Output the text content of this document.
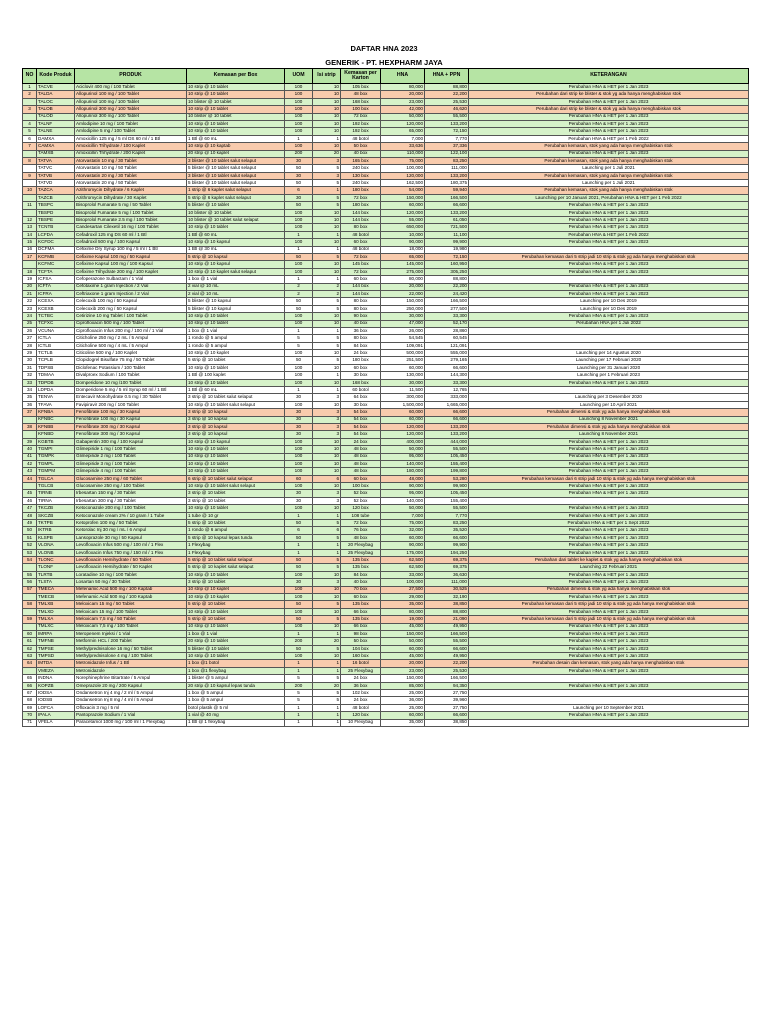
DAFTAR HNA 2023
GENERIK - PT. HEXPHARM JAYA
NO	Kode Produk	PRODUK	Kemasan per Box	UOM	Isi strip	Kemasan per Karton	HNA	HNA + PPN	KETERANGAN
1	TACVE	Aciclovir 400 mg / 100 Tablet	10 strip @ 10 tablet	100	10	105 box	80,000	88,800	Perubahan HNA & HET per 1 Jan 2023
2	TALDA	Allopurinol 100 mg / 100 Tablet	10 strip @ 10 tablet	100	10	48 box	20,000	22,200	Perubahan dari strip ke blister & stok yg ada hanya menghabiskan stok
	TALOC	Allopurinol 100 mg / 100 Tablet	10 blister @ 10 tablet	100	10	168 box	23,000	25,530	Perubahan HNA & HET per 1 Jan 2023
3	TALOB	Allopurinol 300 mg / 100 Tablet	10 strip @ 10 tablet	100	10	100 box	42,000	46,620	Perubahan dari strip ke blister & stok yg ada hanya menghabiskan stok
	TALOD	Allopurinol 300 mg / 100 Tablet	10 blister @ 10 tablet	100	10	72 box	50,000	55,500	Perubahan HNA & HET per 1 Jan 2023
4	TALNF	Amlodipine 10 mg / 100 Tablet	10 strip @ 10 tablet	100	10	192 box	120,000	133,200	Perubahan HNA & HET per 1 Jan 2023
5	TALNE	Amlodipine 5 mg / 100 Tablet	10 strip @ 10 tablet	100	10	192 box	65,000	72,150	Perubahan HNA & HET per 1 Jan 2023
6	DAMXA	Amoxicillin 125 mg / 5 ml DS 60 ml / 1 Btl	1 Btl @ 60 mL	1	1	48 botol	7,000	7,770	Perubahan HNA & HET per 1 Feb 2022
7	CAMXA	Amoxicillin Trihydrate / 100 Kaplet	10 strip @ 10 kaptab	100	10	50 box	33,636	37,336	Perubahan kemasan, stok yang ada hanya menghabiskan stok
	TAMXB	Amoxicillin Trihydrate / 200 Kaplet	20 strip @ 10 kaplet	200	20	40 box	110,000	122,100	Perubahan HNA & HET per 1 Jan 2023
8	TATVA	Atorvastatin 10 mg / 30 Tablet	3 blister @ 10 tablet salut selaput	30	3	165 box	75,000	83,250	Perubahan kemasan, stok yang ada hanya menghabiskan stok
	TATVC	Atorvastatin 10 mg / 50 Tablet	5 blister @ 10 tablet salut selaput	50	5	240 box	100,000	111,000	Launching per 1 Juli 2021
9	TATVB	Atorvastatin 20 mg / 30 Tablet	3 blister @ 10 tablet salut selaput	30	3	130 box	120,000	133,200	Perubahan kemasan, stok yang ada hanya menghabiskan stok
	TATVD	Atorvastatin 20 mg / 50 Tablet	5 blister @ 10 tablet salut selaput	50	5	240 box	162,500	180,375	Launching per 1 Juli 2021
10	TAZCA	Azithromycin Dihydrate / 6 Kaplet	1 strip @ 6 kaplet salut selaput	6	1	180 box	54,000	59,940	Perubahan kemasan, stok yang ada hanya menghabiskan stok
	TAZCB	Azithromycin Dihydrate / 30 Kaplet	5 strip @ 6 kaplet salut selaput	30	5	72 box	150,000	166,500	Launching per 10 Januari 2021, Perubahan HNA & HET per 1 Feb 2022
11	TBSPC	Bisoprolol Fumarate 5 mg / 50 Tablet	5 blister @ 10 tablet	50	5	180 box	60,000	66,600	Perubahan HNA & HET per 1 Jan 2023
	TBSPD	Bisoprolol Fumarate 5 mg / 100 Tablet	10 blister @ 10 tablet	100	10	144 box	120,000	133,200	Perubahan HNA & HET per 1 Jan 2023
12	TBSPE	Bisoprolol Fumarate 2.5 mg / 100 Tablet	10 blister @ 10 tablet salut selaput	100	10	144 box	55,000	61,050	Perubahan HNA & HET per 1 Jan 2023
13	TCNTB	Candesartan Cilexetil 16 mg / 100 Tablet	10 strip @ 10 tablet	100	10	80 box	650,000	721,500	Perubahan HNA & HET per 1 Jan 2023
14	LCFDA	Cefadroxil 125 mg DS 60 ml / 1 Btl	1 Btl @ 60 mL	1	1	48 botol	10,000	11,100	Perubahan HNA & HET per 1 Feb 2022
15	KCFDC	Cefadroxil 500 mg / 100 Kapsul	10 strip @ 10 kapsul	100	10	60 box	90,000	99,900	Perubahan HNA & HET per 1 Jan 2023
16	DCFMA	Cefixime Dry Syrup 100 mg / 5 ml / 1 Btl	1 Btl @ 30 mL	1	1	48 botol	18,000	19,980	
17	KCFMB	Cefixime Kapsul 100 mg / 50 Kapsul	5 strip @ 10 kapsul	50	5	72 box	65,000	72,150	Perubahan kemasan dari 5 strip jadi 10 strip & stok yg ada hanya menghabiskan stok
	KCFMC	Cefixime Kapsul 100 mg / 100 Kapsul	10 strip @ 10 kapsul	100	10	145 box	145,000	160,950	Perubahan HNA & HET per 1 Jan 2023
18	TCFTA	Cefixime Trihydrate 200 mg / 100 Kaplet	10 strip @ 10 kaplet salut selaput	100	10	72 box	275,000	305,250	Perubahan HNA & HET per 1 Jan 2023
19	ICFSA	Cefoperazone Sulbactam / 1 Vial	1 box @ 1 vial	1	1	60 box	80,000	88,800	
20	ICFTA	Cefotaxime 1 gram Injection / 2 Vial	2 vial @ 10 mL	2	2	144 box	20,000	22,200	Perubahan HNA & HET per 1 Jan 2023
21	ICFRA	Ceftriaxone 1 gram Injection / 2 Vial	2 vial @ 10 mL	2	2	144 box	22,000	24,420	Perubahan HNA & HET per 1 Jan 2023
22	KCEXA	Celecoxib 100 mg / 50 Kapsul	5 blister @ 10 kapsul	50	5	80 box	150,000	166,500	Launching per 10 Des 2019
23	KCEXB	Celecoxib 200 mg / 50 Kapsul	5 blister @ 10 kapsul	50	5	80 box	250,000	277,500	Launching per 10 Des 2019
24	TCTBC	Cetirizine 10 mg Tablet / 100 Tablet	10 strip @ 10 tablet	100	10	90 box	30,000	33,300	Perubahan HNA & HET per 1 Jan 2023
25	TCFXC	Ciprofloxacin 500 mg / 100 Tablet	10 strip @ 10 tablet	100	10	40 box	47,000	52,170	Perubahan HNA per 1 Juli 2022
26	VCUNA	Ciprofloxacin Infus 200 mg / 100 ml / 1 Vial	1 box @ 1 vial	1	1	36 box	26,000	28,860	
27	ICTLA	Citicholine 250 mg / 2 mL / 5 Ampul	1 rondo @ 5 ampul	5	5	80 box	54,545	60,545	
28	ICTLB	Citicholine 500 mg / 4 mL / 5 Ampul	1 rondo @ 5 ampul	5	5	84 box	109,091	121,091	
29	TCTLB	Citicoline 500 mg / 100 Kaplet	10 strip @ 10 kaplet	100	10	24 box	500,000	555,000	Launching per 14 Agustus 2020
30	TCPLB	Clopidogrel Bisulfate 75 mg / 50 Tablet	5 strip @ 10 tablet	50	5	180 box	251,500	279,165	Launching per 17 Februari 2020
31	TDPSB	Diclofenac Potassium / 100 Tablet	10 strip @ 10 tablet	100	10	60 box	60,000	66,600	Launching per 31 Januari 2020
32	TDMAA	Divalproex Sodium / 100 Tablet	1 Btl @ 100 kaplet	100	1	30 box	130,000	144,300	Launching per 1 Februari 2023
33	TDPDB	Domperidone 10 mg /100 Tablet	10 strip @ 10 tablet	100	10	168 box	30,000	33,300	Perubahan HNA & HET per 1 Jan 2023
34	LDPDA	Domperidone 5 mg / 5 ml Syrup 60 ml / 1 Btl	1 Btl @ 60 mL	1	1	60 botol	11,500	12,765	
35	TENVA	Entecavir Monohydrate 0.5 mg / 30 Tablet	3 strip @ 10 tablet salut selaput	30	3	64 box	300,000	333,000	Launching per 3 Desember 2020
36	TFAVA	Favipiravir 200 mg / 100 Tablet	10 strip @ 10 tablet salut selaput	100	10	30 box	1,500,000	1,665,000	Launching per 10 April 2021
37	KFNBA	Fenofibrate 100 mg / 30 Kapsul	3 strip @ 10 kapsul	30	3	54 box	60,000	66,600	Perubahan dimensi & stok yg ada hanya menghabiskan stok
	KFNBC	Fenofibrate 100 mg / 30 Kapsul	3 strip @ 10 kapsul	30	3	54 box	60,000	66,600	Launching 8 November 2021
38	KFNBB	Fenofibrate 300 mg / 30 Kapsul	3 strip @ 10 kapsul	30	3	54 box	120,000	133,200	Perubahan dimensi & stok yg ada hanya menghabiskan stok
	KFNBD	Fenofibrate 300 mg / 30 Kapsul	3 strip @ 10 kapsul	30	3	54 box	120,000	133,200	Launching 8 November 2021
39	KGBTB	Gabapentin 300 mg / 100 Kapsul	10 strip @ 10 kapsul	100	10	24 box	400,000	444,000	Perubahan HNA & HET per 1 Jan 2023
40	TGMPI	Glimepiride 1 mg / 100 Tablet	10 strip @ 10 tablet	100	10	48 box	50,000	55,500	Perubahan HNA & HET per 1 Jan 2023
41	TGMPK	Glimepiride 2 mg / 100 Tablet	10 strip @ 10 tablet	100	10	48 box	95,000	105,450	Perubahan HNA & HET per 1 Jan 2023
42	TGMPL	Glimepiride 3 mg / 100 Tablet	10 strip @ 10 tablet	100	10	48 box	140,000	155,400	Perubahan HNA & HET per 1 Jan 2023
43	TGMPM	Glimepiride 4 mg / 100 Tablet	10 strip @ 10 tablet	100	10	48 box	180,000	199,800	Perubahan HNA & HET per 1 Jan 2023
44	TGLCA	Glucosamine 250 mg / 60 Tablet	6 strip @ 10 tablet salut selaput	60	6	60 box	48,000	53,280	Perubahan kemasan dari 6 strip jadi 10 strip & stok yg ada hanya menghabiskan stok
	TGLCB	Glucosamine 250 mg / 100 Tablet	10 strip @ 10 tablet salut selaput	100	10	100 box	90,000	99,900	Perubahan HNA & HET per 1 Jan 2023
45	TIRNB	Irbesartan 150 mg / 30 Tablet	3 strip @ 10 tablet	30	3	52 box	95,000	105,450	Perubahan HNA & HET per 1 Jan 2023
46	TIRNA	Irbesartan 300 mg / 30 Tablet	3 strip @ 10 tablet	30	3	52 box	140,000	155,400	
47	TKCZB	Ketoconazole 200 mg / 100 Tablet	10 strip @ 10 tablet	100	10	120 box	50,000	55,500	Perubahan HNA & HET per 1 Jan 2023
48	SKCZB	Ketoconazole cream 2% / 10 gram / 1 Tube	1 tube @ 10 gr	1	1	108 tube	7,000	7,770	Perubahan HNA & HET per 1 Jan 2023
49	TKTPB	Ketoprofen 100 mg / 50 Tablet	5 strip @ 10 tablet	50	5	72 box	75,000	83,250	Perubahan HNA & HET per 1 Sept 2022
50	IKTRB	Ketorolac Inj 30 mg / mL / 6 Ampul	1 rondo @ 6 ampul	6	6	76 box	32,000	35,520	Perubahan HNA & HET per 1 Jan 2023
51	KLSPB	Lansoprazole 30 mg / 50 Kapsul	5 strip @ 10 kapsul lepas tunda	50	5	48 box	60,000	66,600	Perubahan HNA & HET per 1 Jan 2023
52	VLONA	Levofloxacin Infus 500 mg / 100 ml / 1 Flex	1 Flexybag	1	1	20 Flexybag	90,000	99,900	Perubahan HNA & HET per 1 Jan 2023
53	VLONB	Levofloxacin Infus 750 mg / 150 ml / 1 Flex	1 Flexybag	1	1	25 Flexybag	175,000	194,250	Perubahan HNA & HET per 1 Jan 2023
54	TLONC	Levofloxacin Hemihydrate / 50 Tablet	5 strip @ 10 tablet salut selaput	50	5	135 box	62,500	69,375	Perubahan dari tablet ke kaplet & stok yg ada hanya menghabiskan stok
	TLONF	Levofloxacin Hemihydrate / 50 Kaplet	5 strip @ 10 kaplet salut selaput	50	5	135 box	62,500	69,375	Launching 22 Februari 2021
55	TLRTB	Loratadine 10 mg / 100 Tablet	10 strip @ 10 tablet	100	10	84 box	33,000	36,630	Perubahan HNA & HET per 1 Jan 2023
56	TLSTA	Losartan 50 mg / 30 Tablet	3 strip @ 10 tablet	30	3	40 box	100,000	111,000	Perubahan HNA & HET per 1 Jan 2023
57	TMECA	Mefenamic Acid 500 mg / 100 Kaptab	10 strip @ 10 kaplet	100	10	70 box	27,500	30,525	Perubahan dimensi & stok yg ada hanya menghabiskan stok
	TMECB	Mefenamic Acid 500 mg / 100 Kaptab	10 strip @ 10 kaplet	100	10	60 box	29,000	32,190	Perubahan HNA & HET per 1 Jan 2023
58	TMLXB	Meloxicam 15 mg / 50 Tablet	5 strip @ 10 tablet	50	5	135 box	35,000	38,850	Perubahan kemasan dari 5 strip jadi 10 strip & stok yg ada hanya menghabiskan stok
	TMLXD	Meloxicam 15 mg / 100 Tablet	10 strip @ 10 tablet	100	10	66 box	80,000	88,800	Perubahan HNA & HET per 1 Jan 2023
59	TMLXA	Meloxicam 7,5 mg / 50 Tablet	5 strip @ 10 tablet	50	5	135 box	19,000	21,090	Perubahan kemasan dari 5 strip jadi 10 strip & stok yg ada hanya menghabiskan stok
	TMLXC	Meloxicam 7,5 mg / 100 Tablet	10 strip @ 10 tablet	100	10	66 box	45,000	49,950	Perubahan HNA & HET per 1 Jan 2023
60	IMRPA	Meropenem Injeksi / 1 Vial	1 box @ 1 vial	1	1	98 box	150,000	166,500	Perubahan HNA & HET per 1 Jan 2023
61	TMFNB	Metformin HCL / 200 Tablet	20 strip @ 10 tablet	200	20	50 box	50,000	55,500	Perubahan HNA & HET per 1 Jan 2023
62	TMPSE	Methylprednisolone 16 mg / 50 Tablet	5 blister @ 10 tablet	50	5	104 box	60,000	66,600	Perubahan HNA & HET per 1 Jan 2023
63	TMPSD	Methylprednisolone 4 mg / 100 Tablet	10 strip @ 10 tablet	100	10	160 box	45,000	49,950	Perubahan HNA & HET per 1 Jan 2023
64	IMTDA	Metronidazole Infus / 1 Btl	1 box @1 botol	1	1	16 botol	20,000	22,200	Perubahan desain dan kemasan, stok yang ada hanya menghabiskan stok
	VMEZA	Metronidazole	1 box @1 flexybag	1	1	25 Flexybag	23,000	25,530	Perubahan HNA & HET per 1 Jan 2023
65	INDNA	Norephinephrine Bitartrate / 5 Ampul	1 blister @ 5 ampul	5	5	24 box	150,000	166,500	
66	KOPZB	Omeprazole 20 mg / 200 Kapsul	20 strip @ 10 kapsul lepas tunda	200	20	36 box	85,000	94,350	Perubahan HNA & HET per 1 Jan 2023
67	IODSA	Ondansetron Inj 4 mg / 2 ml / 5 Ampul	1 box @ 5 ampul	5	5	102 box	25,000	27,750	
68	IODSB	Ondansetron Inj 8 mg / 4 ml / 5 Ampul	1 box @ 5 ampul	5	5	24 box	36,000	39,960	
69	LOFCA	Ofloxacin 3 mg / 5 ml	botol plastik @ 5 ml	1	1	48 botol	25,000	27,750	Launching per 10 September 2021
70	IPALA	Pantoprazole Sodium / 1 Vial	1 vial @ 40 mg	1	1	120 box	60,000	66,600	Perubahan HNA & HET per 1 Jan 2023
71	VFELA	Paracetamol 1000 mg / 100 ml / 1 Flexybag	1 Btl @ 1 flexybag	1	1	10 Flexybag	35,000	38,850	
